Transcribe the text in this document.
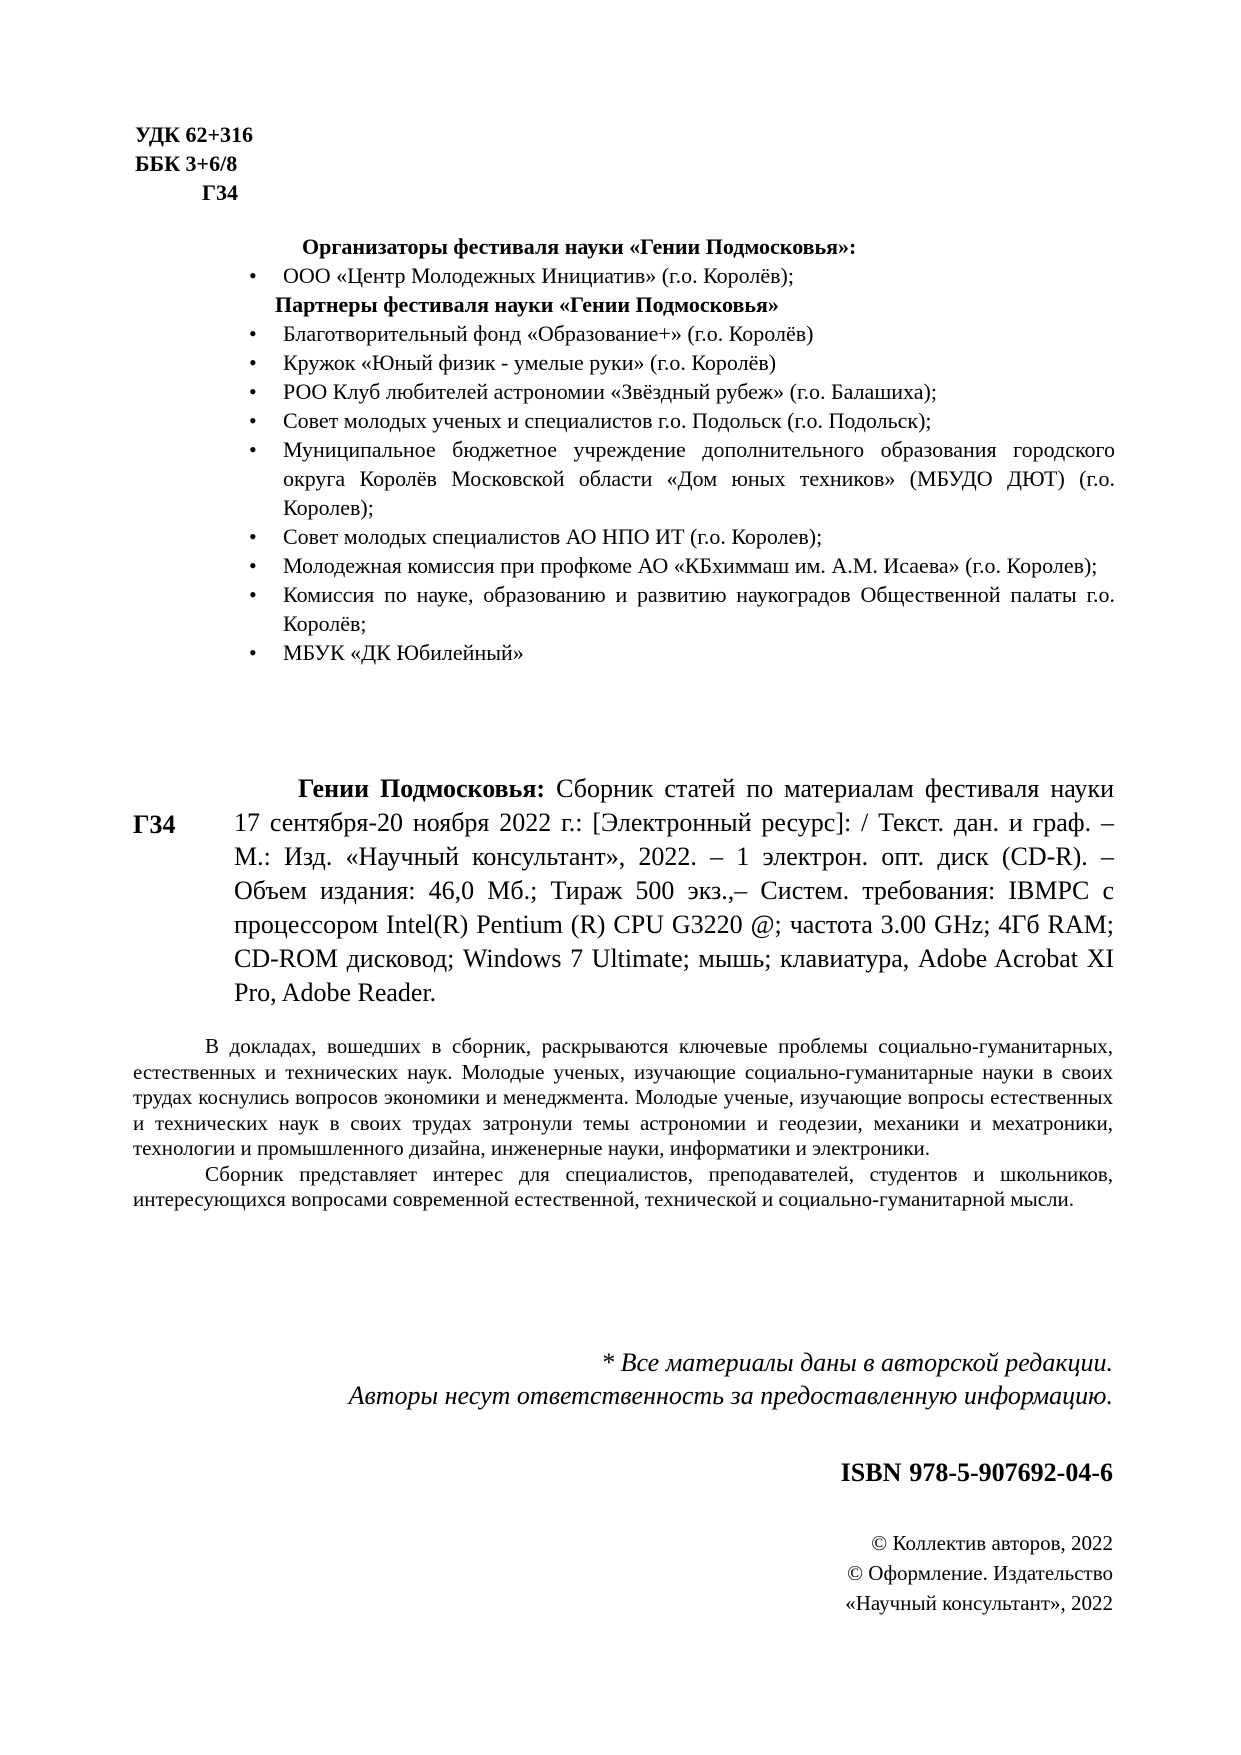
УДК 62+316
ББК 3+6/8
Г34
Организаторы фестиваля науки «Гении Подмосковья»:
• ООО «Центр Молодежных Инициатив» (г.о. Королёв);
Партнеры фестиваля науки «Гении Подмосковья»
• Благотворительный фонд «Образование+» (г.о. Королёв)
• Кружок «Юный физик - умелые руки» (г.о. Королёв)
• РОО Клуб любителей астрономии «Звёздный рубеж» (г.о. Балашиха);
• Совет молодых ученых и специалистов г.о. Подольск (г.о. Подольск);
• Муниципальное бюджетное учреждение дополнительного образования городского округа Королёв Московской области «Дом юных техников» (МБУДО ДЮТ) (г.о. Королев);
• Совет молодых специалистов АО НПО ИТ (г.о. Королев);
• Молодежная комиссия при профкоме АО «КБхиммаш им. А.М. Исаева» (г.о. Королев);
• Комиссия по науке, образованию и развитию наукоградов Общественной палаты г.о. Королёв;
• МБУК «ДК Юбилейный»
Г34
Гении Подмосковья: Сборник статей по материалам фестиваля науки 17 сентября-20 ноября 2022 г.: [Электронный ресурс]: / Текст. дан. и граф. – М.: Изд. «Научный консультант», 2022. – 1 электрон. опт. диск (CD-R). – Объем издания: 46,0 Мб.; Тираж 500 экз.,– Систем. требования: IBMPC с процессором Intel(R) Pentium (R) CPU G3220 @; частота 3.00 GHz; 4Гб RAM; CD-ROM дисковод; Windows 7 Ultimate; мышь; клавиатура, Adobe Acrobat XI Pro, Adobe Reader.

В докладах, вошедших в сборник, раскрываются ключевые проблемы социально-гуманитарных, естественных и технических наук. Молодые ученых, изучающие социально-гуманитарные науки в своих трудах коснулись вопросов экономики и менеджмента. Молодые ученые, изучающие вопросы естественных и технических наук в своих трудах затронули темы астрономии и геодезии, механики и мехатроники, технологии и промышленного дизайна, инженерные науки, информатики и электроники.

Сборник представляет интерес для специалистов, преподавателей, студентов и школьников, интересующихся вопросами современной естественной, технической и социально-гуманитарной мысли.

* Все материалы даны в авторской редакции.
Авторы несут ответственность за предоставленную информацию.
ISBN 978-5-907692-04-6
© Коллектив авторов, 2022
© Оформление. Издательство
«Научный консультант», 2022
